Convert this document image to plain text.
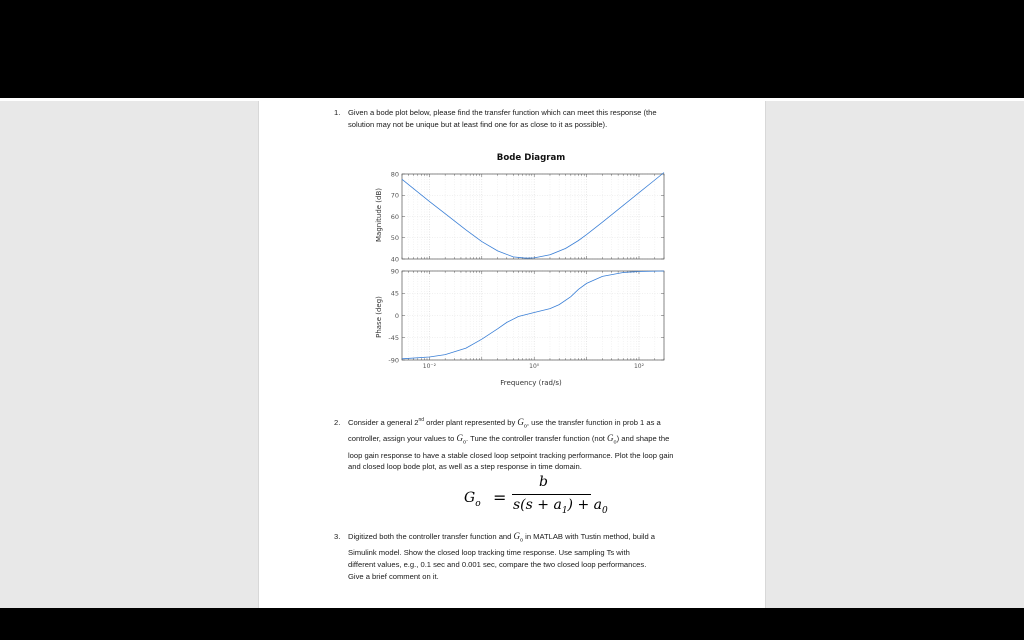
1. Given a bode plot below, please find the transfer function which can meet this response (the
solution may not be unique but at least find one for as close to it as possible).
Bode Diagram
40
50
60
70
80
-90
-45
0
45
90
10⁻²	10⁰	10²
Magnitude (dB)
Phase (deg)
Frequency (rad/s)
2. Consider a general 2nd order plant represented by $G_o$, use the transfer function in prob 1 as a
controller, assign your values to $G_o$. Tune the controller transfer function (not $G_o$) and shape the
loop gain response to have a stable closed loop setpoint tracking performance. Plot the loop gain
and closed loop bode plot, as well as a step response in time domain.
$G_o$ =
b
$s(s + a_1) + a_0$
3. Digitized both the controller transfer function and $G_o$ in MATLAB with Tustin method, build a
Simulink model. Show the closed loop tracking time response. Use sampling Ts with
different values, e.g., 0.1 sec and 0.001 sec, compare the two closed loop performances.
Give a brief comment on it.
